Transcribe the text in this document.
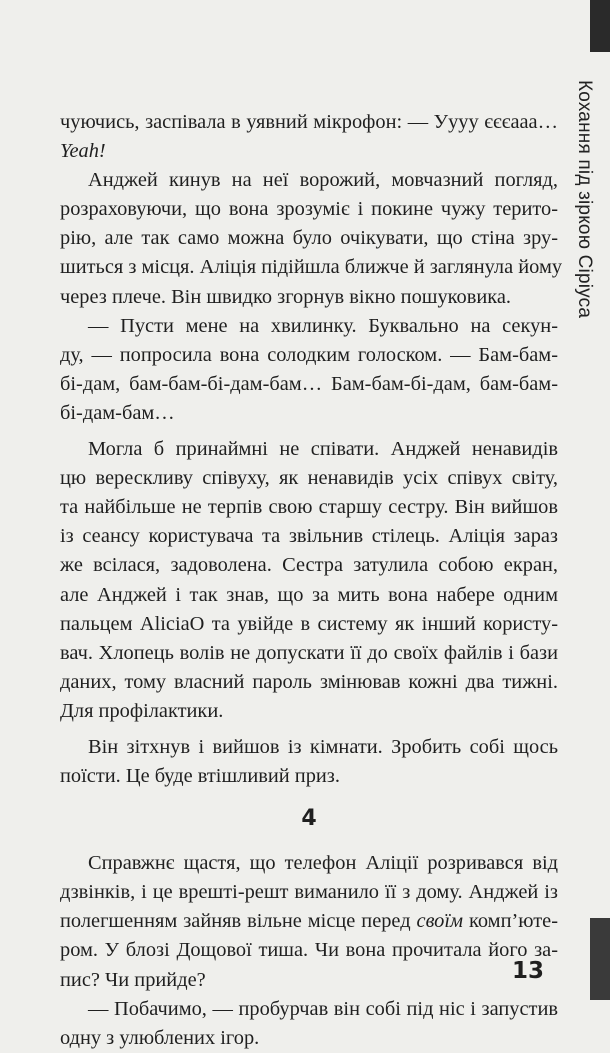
Кохання під зіркою Сіріуса
чуючись, заспівала в уявний мікрофон: — Уууу єєєааа…
Yeah!
Анджей кинув на неї ворожий, мовчазний погляд,
розраховуючи, що вона зрозуміє і покине чужу терито-
рію, але так само можна було очікувати, що стіна зру-
шиться з місця. Аліція підійшла ближче й заглянула йому
через плече. Він швидко згорнув вікно пошуковика.
— Пусти мене на хвилинку. Буквально на секун-
ду, — попросила вона солодким голоском. — Бам-бам-
бі-дам, бам-бам-бі-дам-бам… Бам-бам-бі-дам, бам-бам-
бі-дам-бам…
Могла б принаймні не співати. Анджей ненавидів
цю верескливу співуху, як ненавидів усіх співух світу,
та найбільше не терпів свою старшу сестру. Він вийшов
із сеансу користувача та звільнив стілець. Аліція зараз
же всілася, задоволена. Сестра затулила собою екран,
але Анджей і так знав, що за мить вона набере одним
пальцем AliciaO та увійде в систему як інший користу-
вач. Хлопець волів не допускати її до своїх файлів і бази
даних, тому власний пароль змінював кожні два тижні.
Для профілактики.
Він зітхнув і вийшов із кімнати. Зробить собі щось
поїсти. Це буде втішливий приз.
4
Справжнє щастя, що телефон Аліції розривався від
дзвінків, і це врешті-решт виманило її з дому. Анджей із
полегшенням зайняв вільне місце перед своїм комп’юте-
ром. У блозі Дощової тиша. Чи вона прочитала його за-
пис? Чи прийде?
— Побачимо, — пробурчав він собі під ніс і запустив
одну з улюблених ігор.
13
